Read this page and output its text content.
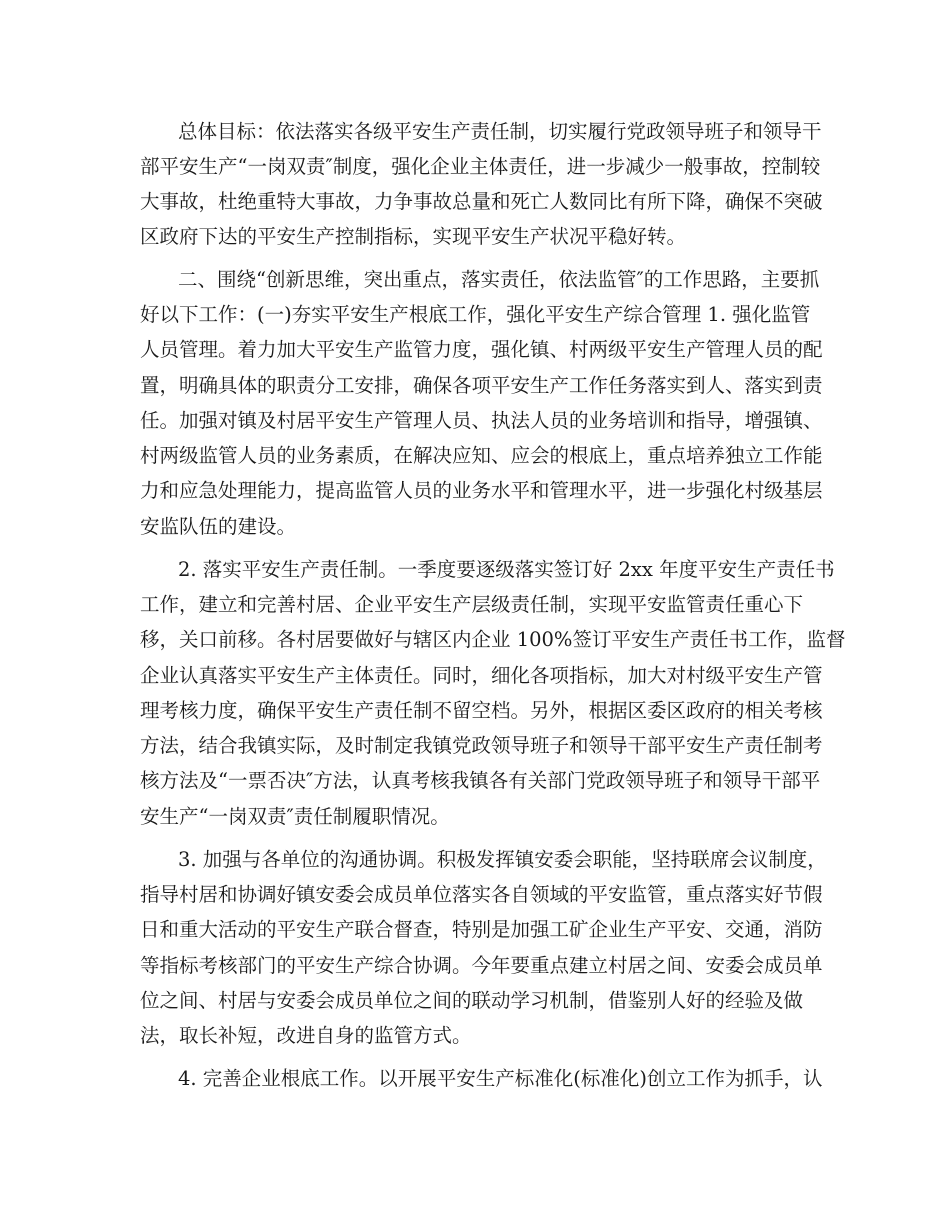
总体目标：依法落实各级平安生产责任制，切实履行党政领导班子和领导干
部平安生产“一岗双责″制度，强化企业主体责任，进一步减少一般事故，控制较
大事故，杜绝重特大事故，力争事故总量和死亡人数同比有所下降，确保不突破
区政府下达的平安生产控制指标，实现平安生产状况平稳好转。
二、围绕“创新思维，突出重点，落实责任，依法监管″的工作思路，主要抓
好以下工作：(一)夯实平安生产根底工作，强化平安生产综合管理 1. 强化监管
人员管理。着力加大平安生产监管力度，强化镇、村两级平安生产管理人员的配
置，明确具体的职责分工安排，确保各项平安生产工作任务落实到人、落实到责
任。加强对镇及村居平安生产管理人员、执法人员的业务培训和指导，增强镇、
村两级监管人员的业务素质，在解决应知、应会的根底上，重点培养独立工作能
力和应急处理能力，提高监管人员的业务水平和管理水平，进一步强化村级基层
安监队伍的建设。
2. 落实平安生产责任制。一季度要逐级落实签订好 2xx 年度平安生产责任书
工作，建立和完善村居、企业平安生产层级责任制，实现平安监管责任重心下
移，关口前移。各村居要做好与辖区内企业 100%签订平安生产责任书工作，监督
企业认真落实平安生产主体责任。同时，细化各项指标，加大对村级平安生产管
理考核力度，确保平安生产责任制不留空档。另外，根据区委区政府的相关考核
方法，结合我镇实际，及时制定我镇党政领导班子和领导干部平安生产责任制考
核方法及“一票否决″方法，认真考核我镇各有关部门党政领导班子和领导干部平
安生产“一岗双责″责任制履职情况。
3. 加强与各单位的沟通协调。积极发挥镇安委会职能，坚持联席会议制度，
指导村居和协调好镇安委会成员单位落实各自领域的平安监管，重点落实好节假
日和重大活动的平安生产联合督查，特别是加强工矿企业生产平安、交通，消防
等指标考核部门的平安生产综合协调。今年要重点建立村居之间、安委会成员单
位之间、村居与安委会成员单位之间的联动学习机制，借鉴别人好的经验及做
法，取长补短，改进自身的监管方式。
4. 完善企业根底工作。以开展平安生产标准化(标准化)创立工作为抓手，认
